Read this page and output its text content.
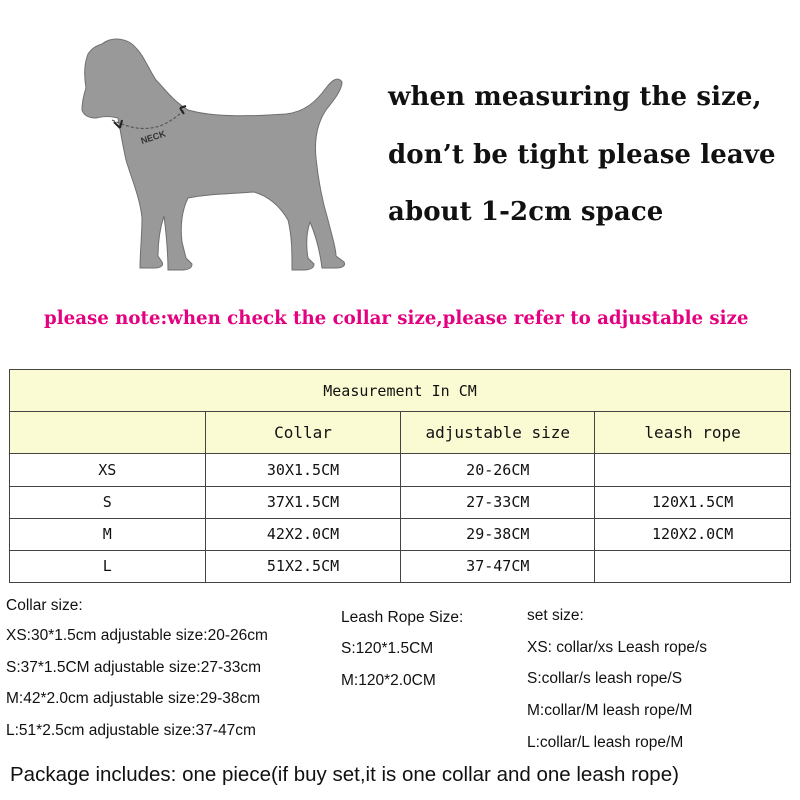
NECK
when measuring the size,
don’t be tight please leave
about 1-2cm space
please note:when check the collar size,please refer to adjustable size
Measurement In CM			
	Collar	adjustable size	leash rope
XS	30X1.5CM	20-26CM	
S	37X1.5CM	27-33CM	120X1.5CM
M	42X2.0CM	29-38CM	120X2.0CM
L	51X2.5CM	37-47CM	
Collar size:
XS:30*1.5cm adjustable size:20-26cm
S:37*1.5CM adjustable size:27-33cm
M:42*2.0cm adjustable size:29-38cm
L:51*2.5cm adjustable size:37-47cm
Leash Rope Size:
S:120*1.5CM
M:120*2.0CM
set size:
XS: collar/xs Leash rope/s
S:collar/s leash rope/S
M:collar/M leash rope/M
L:collar/L leash rope/M
Package includes: one piece(if buy set,it is one collar and one leash rope)
